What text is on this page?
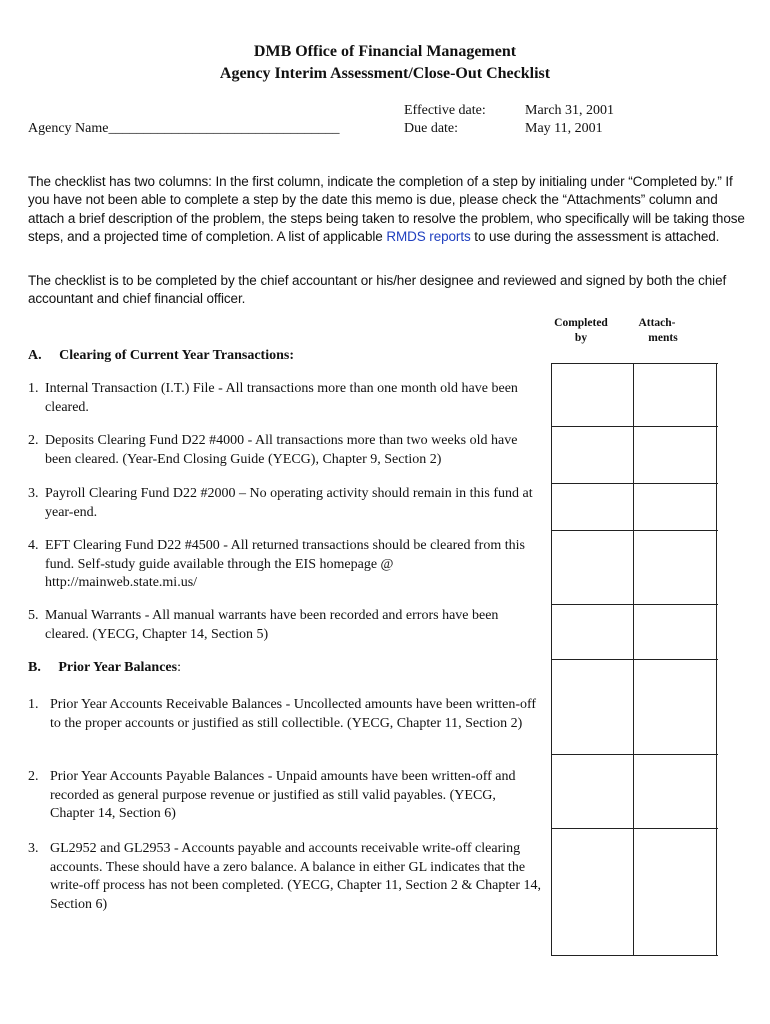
DMB Office of Financial Management
Agency Interim Assessment/Close-Out Checklist
Agency Name_________________________________
Effective date:	March 31, 2001
Due date:	May 11, 2001
The checklist has two columns: In the first column, indicate the completion of a step by initialing under “Completed by.” If you have not been able to complete a step by the date this memo is due, please check the “Attachments” column and attach a brief description of the problem, the steps being taken to resolve the problem, who specifically will be taking those steps, and a projected time of completion. A list of applicable RMDS reports to use during the assessment is attached.
The checklist is to be completed by the chief accountant or his/her designee and reviewed and signed by both the chief accountant and chief financial officer.
Completed
by
Attach-
ments
A. Clearing of Current Year Transactions:
1. Internal Transaction (I.T.) File - All transactions more than one month old have been cleared.
2. Deposits Clearing Fund D22 #4000 - All transactions more than two weeks old have been cleared. (Year-End Closing Guide (YECG), Chapter 9, Section 2)
3. Payroll Clearing Fund D22 #2000 – No operating activity should remain in this fund at year-end.
4. EFT Clearing Fund D22 #4500 - All returned transactions should be cleared from this fund. Self-study guide available through the EIS homepage @ http://mainweb.state.mi.us/
5. Manual Warrants - All manual warrants have been recorded and errors have been cleared. (YECG, Chapter 14, Section 5)
B. Prior Year Balances:
1. Prior Year Accounts Receivable Balances - Uncollected amounts have been written-off to the proper accounts or justified as still collectible. (YECG, Chapter 11, Section 2)
2. Prior Year Accounts Payable Balances - Unpaid amounts have been written-off and recorded as general purpose revenue or justified as still valid payables. (YECG, Chapter 14, Section 6)
3. GL2952 and GL2953 - Accounts payable and accounts receivable write-off clearing accounts. These should have a zero balance. A balance in either GL indicates that the write-off process has not been completed. (YECG, Chapter 11, Section 2 & Chapter 14, Section 6)
